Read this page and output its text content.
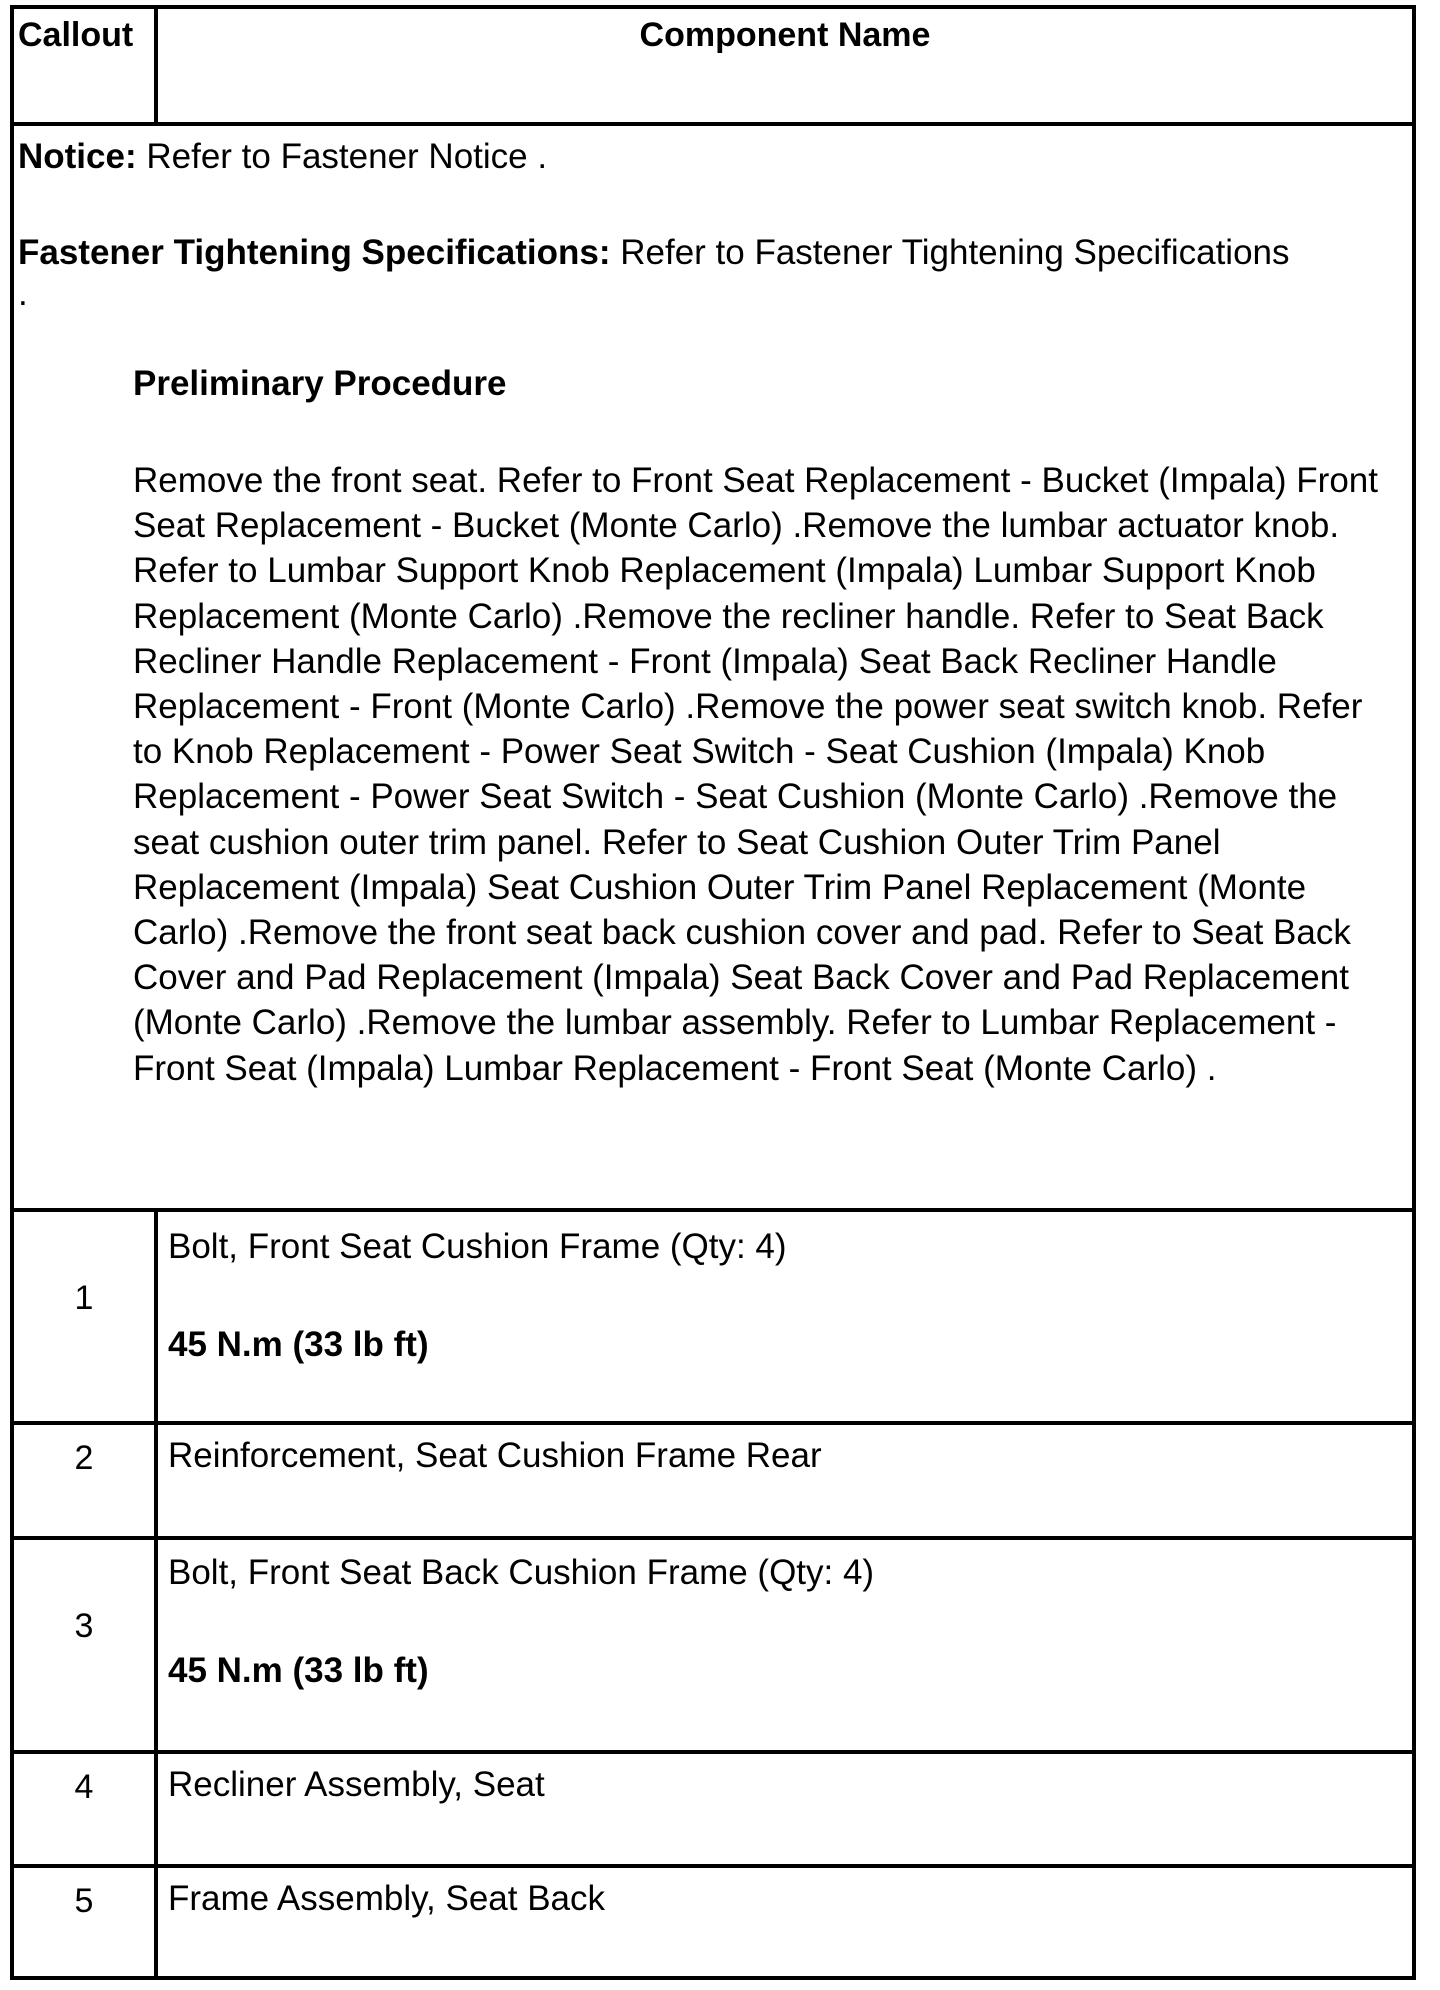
Callout	Component Name

Notice: Refer to Fastener Notice .

Fastener Tightening Specifications: Refer to Fastener Tightening Specifications

.

Preliminary Procedure

Remove the front seat. Refer to Front Seat Replacement - Bucket (Impala) Front Seat Replacement - Bucket (Monte Carlo) .Remove the lumbar actuator knob. Refer to Lumbar Support Knob Replacement (Impala) Lumbar Support Knob Replacement (Monte Carlo) .Remove the recliner handle. Refer to Seat Back Recliner Handle Replacement - Front (Impala) Seat Back Recliner Handle Replacement - Front (Monte Carlo) .Remove the power seat switch knob. Refer to Knob Replacement - Power Seat Switch - Seat Cushion (Impala) Knob Replacement - Power Seat Switch - Seat Cushion (Monte Carlo) .Remove the seat cushion outer trim panel. Refer to Seat Cushion Outer Trim Panel Replacement (Impala) Seat Cushion Outer Trim Panel Replacement (Monte Carlo) .Remove the front seat back cushion cover and pad. Refer to Seat Back Cover and Pad Replacement (Impala) Seat Back Cover and Pad Replacement (Monte Carlo) .Remove the lumbar assembly. Refer to Lumbar Replacement - Front Seat (Impala) Lumbar Replacement - Front Seat (Monte Carlo) .

1
Bolt, Front Seat Cushion Frame (Qty: 4)
45 N.m (33 lb ft)
2	Reinforcement, Seat Cushion Frame Rear
3
Bolt, Front Seat Back Cushion Frame (Qty: 4)
45 N.m (33 lb ft)
4	Recliner Assembly, Seat
5	Frame Assembly, Seat Back
